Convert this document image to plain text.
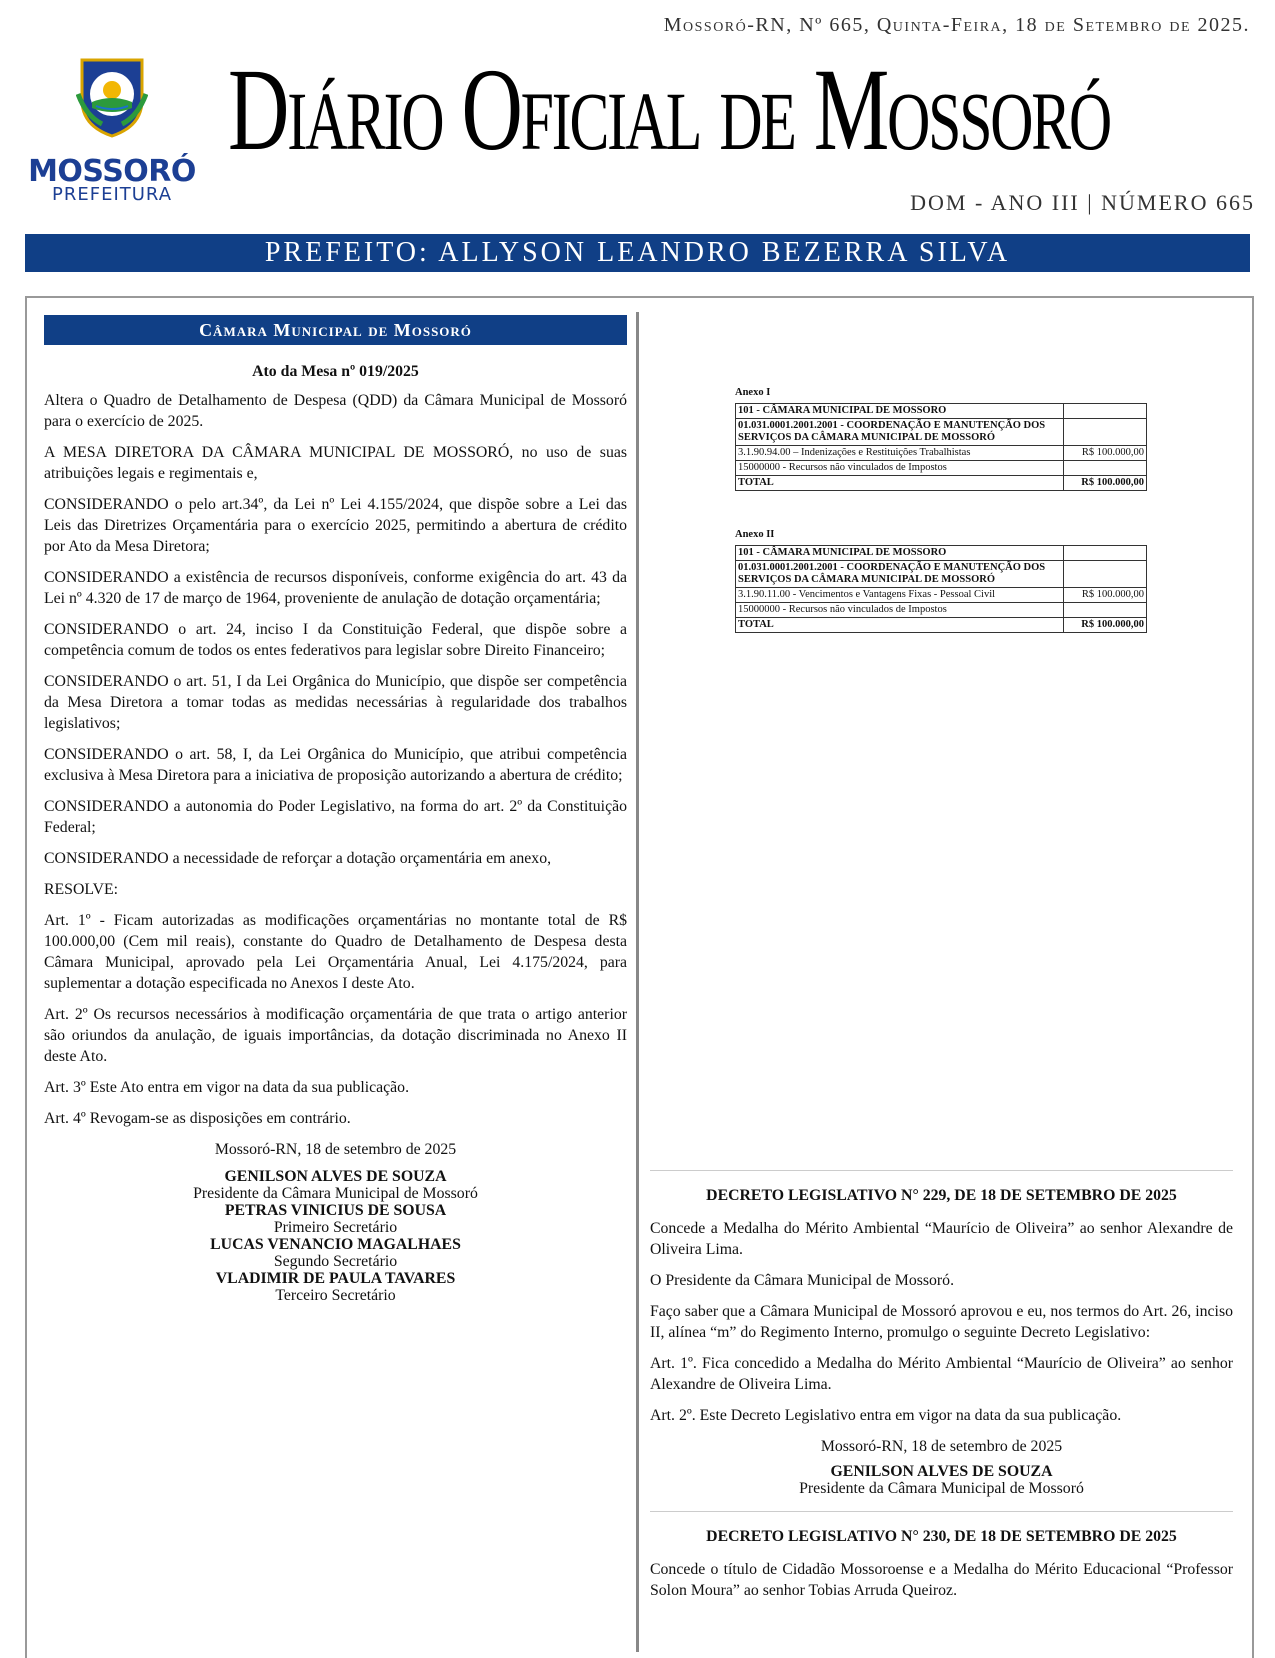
Mossoró-RN, Nº 665, Quinta-Feira, 18 de Setembro de 2025.
MOSSORÓ
PREFEITURA
Diário Oficial de Mossoró
DOM - ANO III | NÚMERO 665
PREFEITO: ALLYSON LEANDRO BEZERRA SILVA
Câmara Municipal de Mossoró
Ato da Mesa nº 019/2025

Altera o Quadro de Detalhamento de Despesa (QDD) da Câmara Municipal de Mossoró para o exercício de 2025.

A MESA DIRETORA DA CÂMARA MUNICIPAL DE MOSSORÓ, no uso de suas atribuições legais e regimentais e,

CONSIDERANDO o pelo art.34º, da Lei nº Lei 4.155/2024, que dispõe sobre a Lei das Leis das Diretrizes Orçamentária para o exercício 2025, permitindo a abertura de crédito por Ato da Mesa Diretora;

CONSIDERANDO a existência de recursos disponíveis, conforme exigência do art. 43 da Lei nº 4.320 de 17 de março de 1964, proveniente de anulação de dotação orçamentária;

CONSIDERANDO o art. 24, inciso I da Constituição Federal, que dispõe sobre a competência comum de todos os entes federativos para legislar sobre Direito Financeiro;

CONSIDERANDO o art. 51, I da Lei Orgânica do Município, que dispõe ser competência da Mesa Diretora a tomar todas as medidas necessárias à regularidade dos trabalhos legislativos;

CONSIDERANDO o art. 58, I, da Lei Orgânica do Município, que atribui competência exclusiva à Mesa Diretora para a iniciativa de proposição autorizando a abertura de crédito;

CONSIDERANDO a autonomia do Poder Legislativo, na forma do art. 2º da Constituição Federal;

CONSIDERANDO a necessidade de reforçar a dotação orçamentária em anexo,

RESOLVE:

Art. 1º - Ficam autorizadas as modificações orçamentárias no montante total de R$ 100.000,00 (Cem mil reais), constante do Quadro de Detalhamento de Despesa desta Câmara Municipal, aprovado pela Lei Orçamentária Anual, Lei 4.175/2024, para suplementar a dotação especificada no Anexos I deste Ato.

Art. 2º Os recursos necessários à modificação orçamentária de que trata o artigo anterior são oriundos da anulação, de iguais importâncias, da dotação discriminada no Anexo II deste Ato.

Art. 3º Este Ato entra em vigor na data da sua publicação.

Art. 4º Revogam-se as disposições em contrário.

Mossoró-RN, 18 de setembro de 2025
GENILSON ALVES DE SOUZA
Presidente da Câmara Municipal de Mossoró
PETRAS VINICIUS DE SOUSA
Primeiro Secretário
LUCAS VENANCIO MAGALHAES
Segundo Secretário
VLADIMIR DE PAULA TAVARES
Terceiro Secretário
Anexo I
101 - CÂMARA MUNICIPAL DE MOSSORO	
01.031.0001.2001.2001 - COORDENAÇÃO E MANUTENÇÃO DOS SERVIÇOS DA CÂMARA MUNICIPAL DE MOSSORÓ	
3.1.90.94.00 – Indenizações e Restituições Trabalhistas	R$ 100.000,00
15000000 - Recursos não vinculados de Impostos	
TOTAL	R$ 100.000,00
Anexo II
101 - CÂMARA MUNICIPAL DE MOSSORO	
01.031.0001.2001.2001 - COORDENAÇÃO E MANUTENÇÃO DOS SERVIÇOS DA CÂMARA MUNICIPAL DE MOSSORÓ	
3.1.90.11.00 - Vencimentos e Vantagens Fixas - Pessoal Civil	R$ 100.000,00
15000000 - Recursos não vinculados de Impostos	
TOTAL	R$ 100.000,00
DECRETO LEGISLATIVO N° 229, DE 18 DE SETEMBRO DE 2025

Concede a Medalha do Mérito Ambiental “Maurício de Oliveira” ao senhor Alexandre de Oliveira Lima.

O Presidente da Câmara Municipal de Mossoró.

Faço saber que a Câmara Municipal de Mossoró aprovou e eu, nos termos do Art. 26, inciso II, alínea “m” do Regimento Interno, promulgo o seguinte Decreto Legislativo:

Art. 1º. Fica concedido a Medalha do Mérito Ambiental “Maurício de Oliveira” ao senhor Alexandre de Oliveira Lima.

Art. 2º. Este Decreto Legislativo entra em vigor na data da sua publicação.

Mossoró-RN, 18 de setembro de 2025
GENILSON ALVES DE SOUZA
Presidente da Câmara Municipal de Mossoró
DECRETO LEGISLATIVO N° 230, DE 18 DE SETEMBRO DE 2025

Concede o título de Cidadão Mossoroense e a Medalha do Mérito Educacional “Professor Solon Moura” ao senhor Tobias Arruda Queiroz.
